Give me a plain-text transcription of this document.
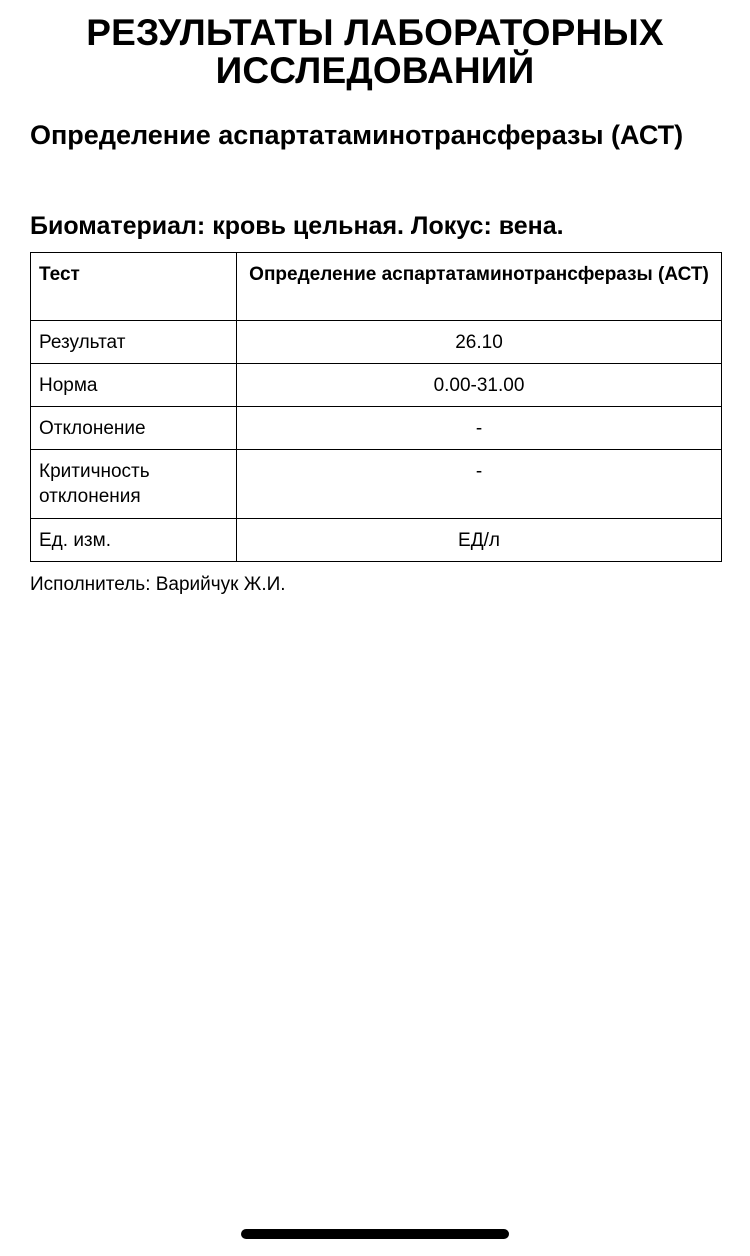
РЕЗУЛЬТАТЫ ЛАБОРАТОРНЫХ ИССЛЕДОВАНИЙ
Определение аспартатаминотрансферазы (АСТ)
Биоматериал: кровь цельная. Локус: вена.
Тест	Определение аспартатаминотрансферазы (АСТ)
Результат	26.10
Норма	0.00-31.00
Отклонение	-
Критичность отклонения	-
Ед. изм.	ЕД/л

Исполнитель: Варийчук Ж.И.
